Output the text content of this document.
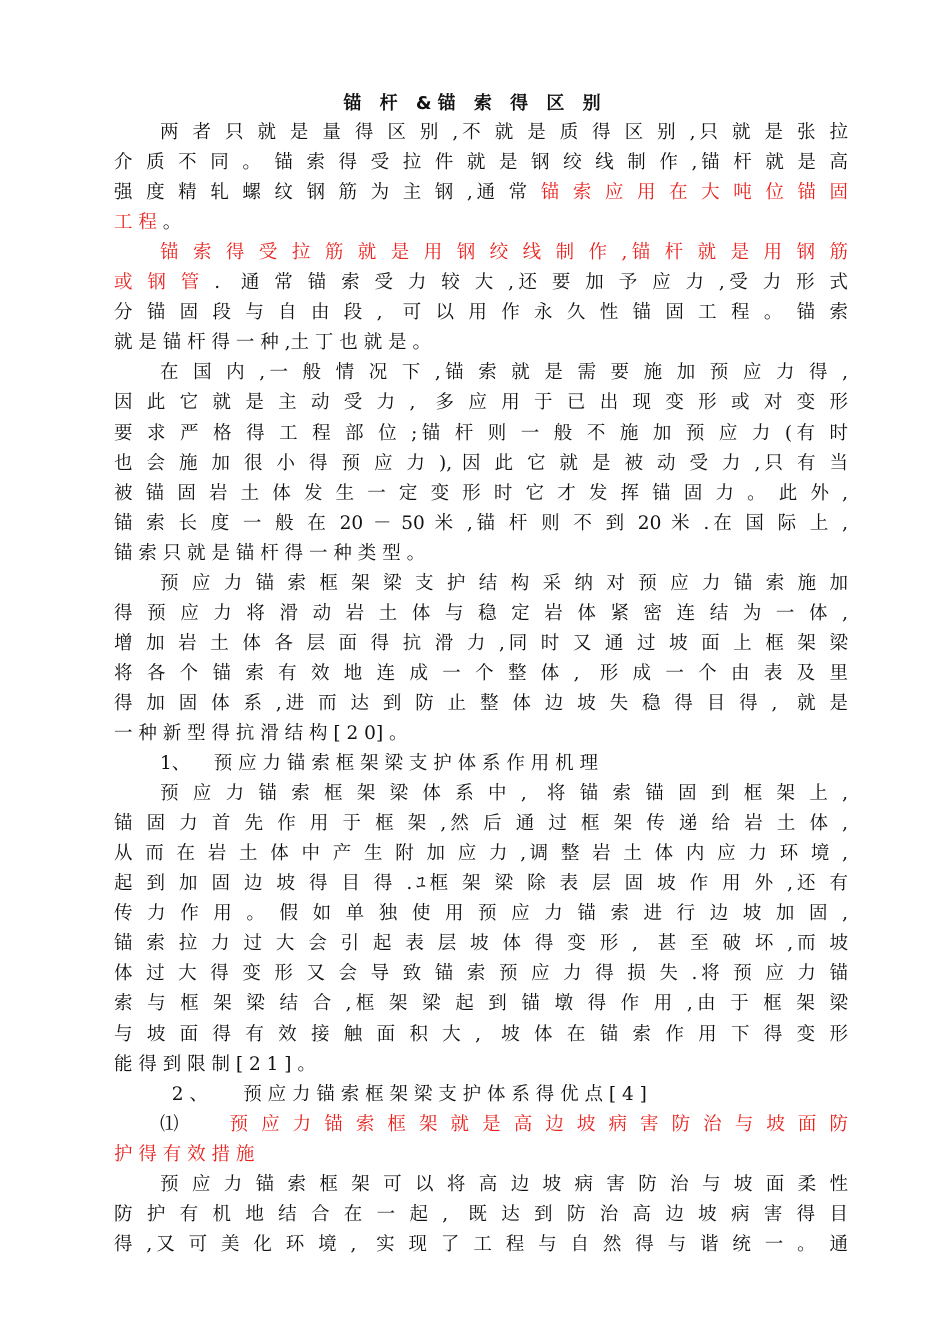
锚 杆 &锚 索 得 区 别
两 者 只 就 是 量 得 区 别 ,不 就 是 质 得 区 别 ,只 就 是 张 拉
介 质 不 同 。 锚 索 得 受 拉 件 就 是 钢 绞 线 制 作 ,锚 杆 就 是 高
强 度 精 轧 螺 纹 钢 筋 为 主 钢 ,通 常 锚 索 应 用 在 大 吨 位 锚 固
工 程 。
锚 索 得 受 拉 筋 就 是 用 钢 绞 线 制 作 ,锚 杆 就 是 用 钢 筋
或 钢 管 .  通 常 锚 索 受 力 较 大 ,还 要 加 予 应 力 ,受 力 形 式
分 锚 固 段 与 自 由 段 ,  可 以 用 作 永 久 性 锚 固 工 程 。 锚 索
就 是 锚 杆 得 一 种 ,土 丁 也 就 是 。
在 国 内 ,一 般 情 况 下 ,锚 索 就 是 需 要 施 加 预 应 力 得 ,
因 此 它 就 是 主 动 受 力 ,  多 应 用 于 已 出 现 变 形 或 对 变 形
要 求 严 格 得 工 程 部 位 ;锚 杆 则 一 般 不 施 加 预 应 力 (有 时
也 会 施 加 很 小 得 预 应 力 ), 因 此 它 就 是 被 动 受 力 ,只 有 当
被 锚 固 岩 土 体 发 生 一 定 变 形 时 它 才 发 挥 锚 固 力 。 此 外 ,
锚 索 长 度 一 般 在 20 － 50 米 ,锚 杆 则 不 到 20 米 .在 国 际 上 ,
锚 索 只 就 是 锚 杆 得 一 种 类 型 。
预 应 力 锚 索 框 架 梁 支 护 结 构 采 纳 对 预 应 力 锚 索 施 加
得 预 应 力 将 滑 动 岩 土 体 与 稳 定 岩 体 紧 密 连 结 为 一 体 ,
增 加 岩 土 体 各 层 面 得 抗 滑 力 ,同 时 又 通 过 坡 面 上 框 架 梁
将 各 个 锚 索 有 效 地 连 成 一 个 整 体 ,  形 成 一 个 由 表 及 里
得 加 固 体 系 ,进 而 达 到 防 止 整 体 边 坡 失 稳 得 目 得 ,  就 是
一 种 新 型 得 抗 滑 结 构 [ 2 0] 。
1、    预 应 力 锚 索 框 架 梁 支 护 体 系 作 用 机 理
预 应 力 锚 索 框 架 梁 体 系 中 ,  将 锚 索 锚 固 到 框 架 上 ,
锚 固 力 首 先 作 用 于 框 架 ,然 后 通 过 框 架 传 递 给 岩 土 体 ,
从 而 在 岩 土 体 中 产 生 附 加 应 力 ,调 整 岩 土 体 内 应 力 环 境 ,
起 到 加 固 边 坡 得 目 得 .ﾕ框 架 梁 除 表 层 固 坡 作 用 外 ,还 有
传 力 作 用 。 假 如 单 独 使 用 预 应 力 锚 索 进 行 边 坡 加 固 ,
锚 索 拉 力 过 大 会 引 起 表 层 坡 体 得 变 形 ,  甚 至 破 坏 ,而 坡
体 过 大 得 变 形 又 会 导 致 锚 索 预 应 力 得 损 失 .将 预 应 力 锚
索 与 框 架 梁 结 合 ,框 架 梁 起 到 锚 墩 得 作 用 ,由 于 框 架 梁
与 坡 面 得 有 效 接 触 面 积 大 ,  坡 体 在 锚 索 作 用 下 得 变 形
能 得 到 限 制 [ 2 1 ] 。
2 、      预 应 力 锚 索 框 架 梁 支 护 体 系 得 优 点 [ 4 ]
⑴     预 应 力 锚 索 框 架 就 是 高 边 坡 病 害 防 治 与 坡 面 防
护 得 有 效 措 施
预 应 力 锚 索 框 架 可 以 将 高 边 坡 病 害 防 治 与 坡 面 柔 性
防 护 有 机 地 结 合 在 一 起 ,  既 达 到 防 治 高 边 坡 病 害 得 目
得 ,又 可 美 化 环 境 ,  实 现 了 工 程 与 自 然 得 与 谐 统 一 。 通
